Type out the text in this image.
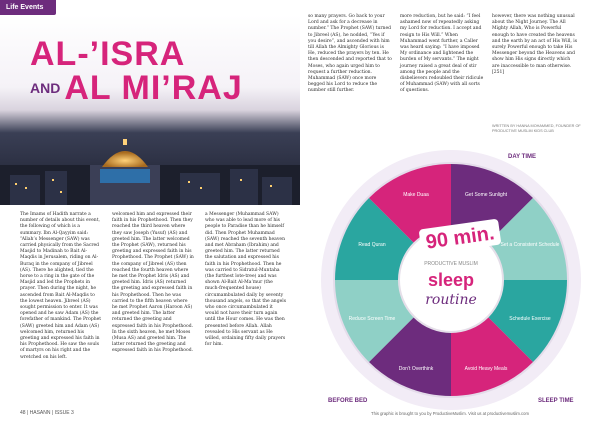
Life Events
AL-’ISRA
AND AL MI’RAJ

The Imams of Hadith narrate a number of details about this event, the following of which is a summary. Ibn Al-Qayyim said: “Allah’s Messenger (SAW) was carried physically from the Sacred Masjid to Madinah to Bait Al-Maqdis in Jerusalem, riding on Al-Buraq in the company of Jibreel (AS). There he alighted, tied the horse to a ring in the gate of the Masjid and led the Prophets in prayer. Then during the night, he ascended from Bait Al-Maqdis to the lowest heaven. Jibreel (AS) sought permission to enter. It was opened and he saw Adam (AS) the forefather of mankind. The Prophet (SAW) greeted him and Adam (AS) welcomed him, returned his greeting and expressed his faith in his Prophethood. He saw the souls of martyrs on his right and the wretched on his left.

welcomed him and expressed their faith in his Prophethood. Then they reached the third heaven where they saw Joseph (Yusuf) (AS) and greeted him. The latter welcomed the Prophet (SAW), returned his greeting and expressed faith in his Prophethood. The Prophet (SAW) in the company of Jibreel (AS) then reached the fourth heaven where he met the Prophet Idris (AS) and greeted him. Idris (AS) returned the greeting and expressed faith in his Prophethood. Then he was carried to the fifth heaven where he met Prophet Aaron (Haroon AS) and greeted him. The latter returned the greeting and expressed faith in his Prophethood. In the sixth heaven, he met Moses (Musa AS) and greeted him. The latter returned the greeting and expressed faith in his Prophethood.

a Messenger (Muhammad SAW) who was able to lead more of his people to Paradise than he himself did. Then Prophet Muhammad (SAW) reached the seventh heaven and met Abraham (Ibrahim) and greeted him. The latter returned the salutation and expressed his faith in his Prophethood. Then he was carried to Sidratul-Muntaha (the furthest lote-tree) and was shown Al-Bait Al-Ma’mur (the much-frequented house) circumambulated daily by seventy thousand angels, so that the angels who once circumambulated it would not have their turn again until the Hour comes. He was then presented before Allah. Allah revealed to His servant as He willed, ordaining fifty daily prayers for him.

48 | HASANN | ISSUE 3

so many prayers. Go back to your Lord and ask for a decrease in number.” The Prophet (SAW) turned to Jibreel (AS), he nodded, “Yes if you desire”, and ascended with him till Allah the Almighty Glorious is He, reduced the prayers by ten. He then descended and reported that to Moses, who again urged him to request a further reduction. Muhammad (SAW) once more begged his Lord to reduce the number still further.

more reduction, but he said: “I feel ashamed now of repeatedly asking my Lord for reduction. I accept and resign to His Will.” When Muhammad went further, a Caller was heard saying: “I have imposed My ordinance and lightened the burden of My servants.” The night journey raised a great deal of stir among the people and the disbelievers redoubled their ridicule of Muhammad (SAW) with all sorts of questions.

however, there was nothing unusual about the Night Journey. The All Mighty Allah, Who is Powerful enough to have created the heavens and the earth by an act of His Will, is surely Powerful enough to take His Messenger beyond the Heavens and show him His signs directly which are inaccessible to man otherwise. [251]

WRITTEN BY HANNA MOHAMMED, FOUNDER OF PRODUCTIVE MUSLIM KIDS CLUB
Get Some Sunlight
Set a Consistent Schedule
Schedule Exercise
Avoid Heavy Meals
Don’t Overthink
Reduce Screen Time
Read Quran
Make Duaa
DAY TIME
SLEEP TIME
BEFORE BED
90 min.
PRODUCTIVE MUSLIM
sleep
routine
This graphic is brought to you by ProductiveMuslim. Visit us at productivemuslim.com
